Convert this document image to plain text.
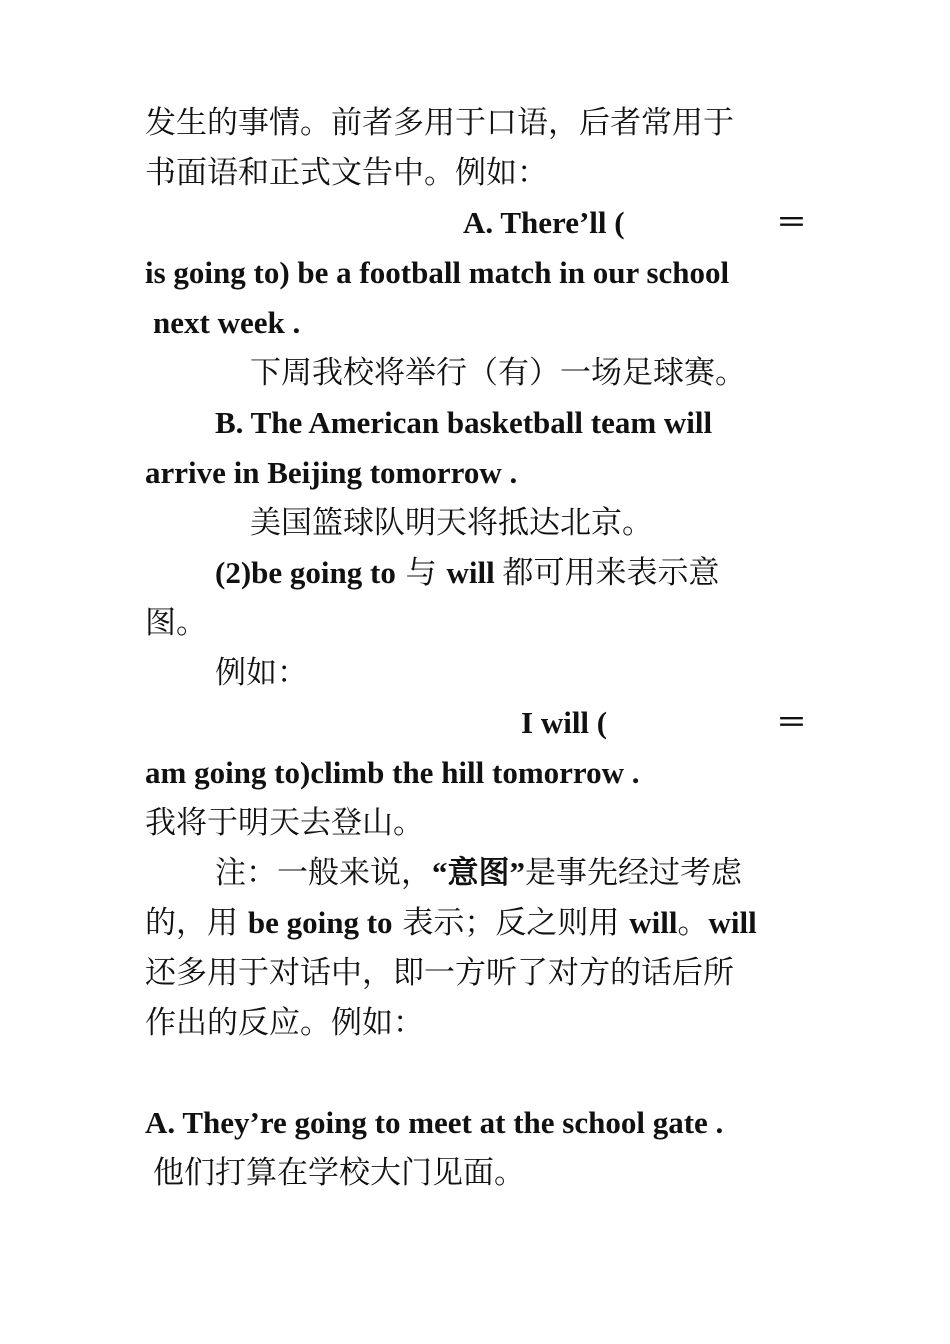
发生的事情。前者多用于口语，后者常用于
书面语和正式文告中。例如：
A. There’ll (	＝
is going to) be a football match in our school
next week .
下周我校将举行（有）一场足球赛。
B. The American basketball team will
arrive in Beijing tomorrow .
美国篮球队明天将抵达北京。
(2)be going to 与 will 都可用来表示意
图。
例如：
I will (	＝
am going to)climb the hill tomorrow .
我将于明天去登山。
注：一般来说，“意图”是事先经过考虑
的，用 be going to 表示；反之则用 will。will
还多用于对话中，即一方听了对方的话后所
作出的反应。例如：
A. They’re going to meet at the school gate .
他们打算在学校大门见面。
